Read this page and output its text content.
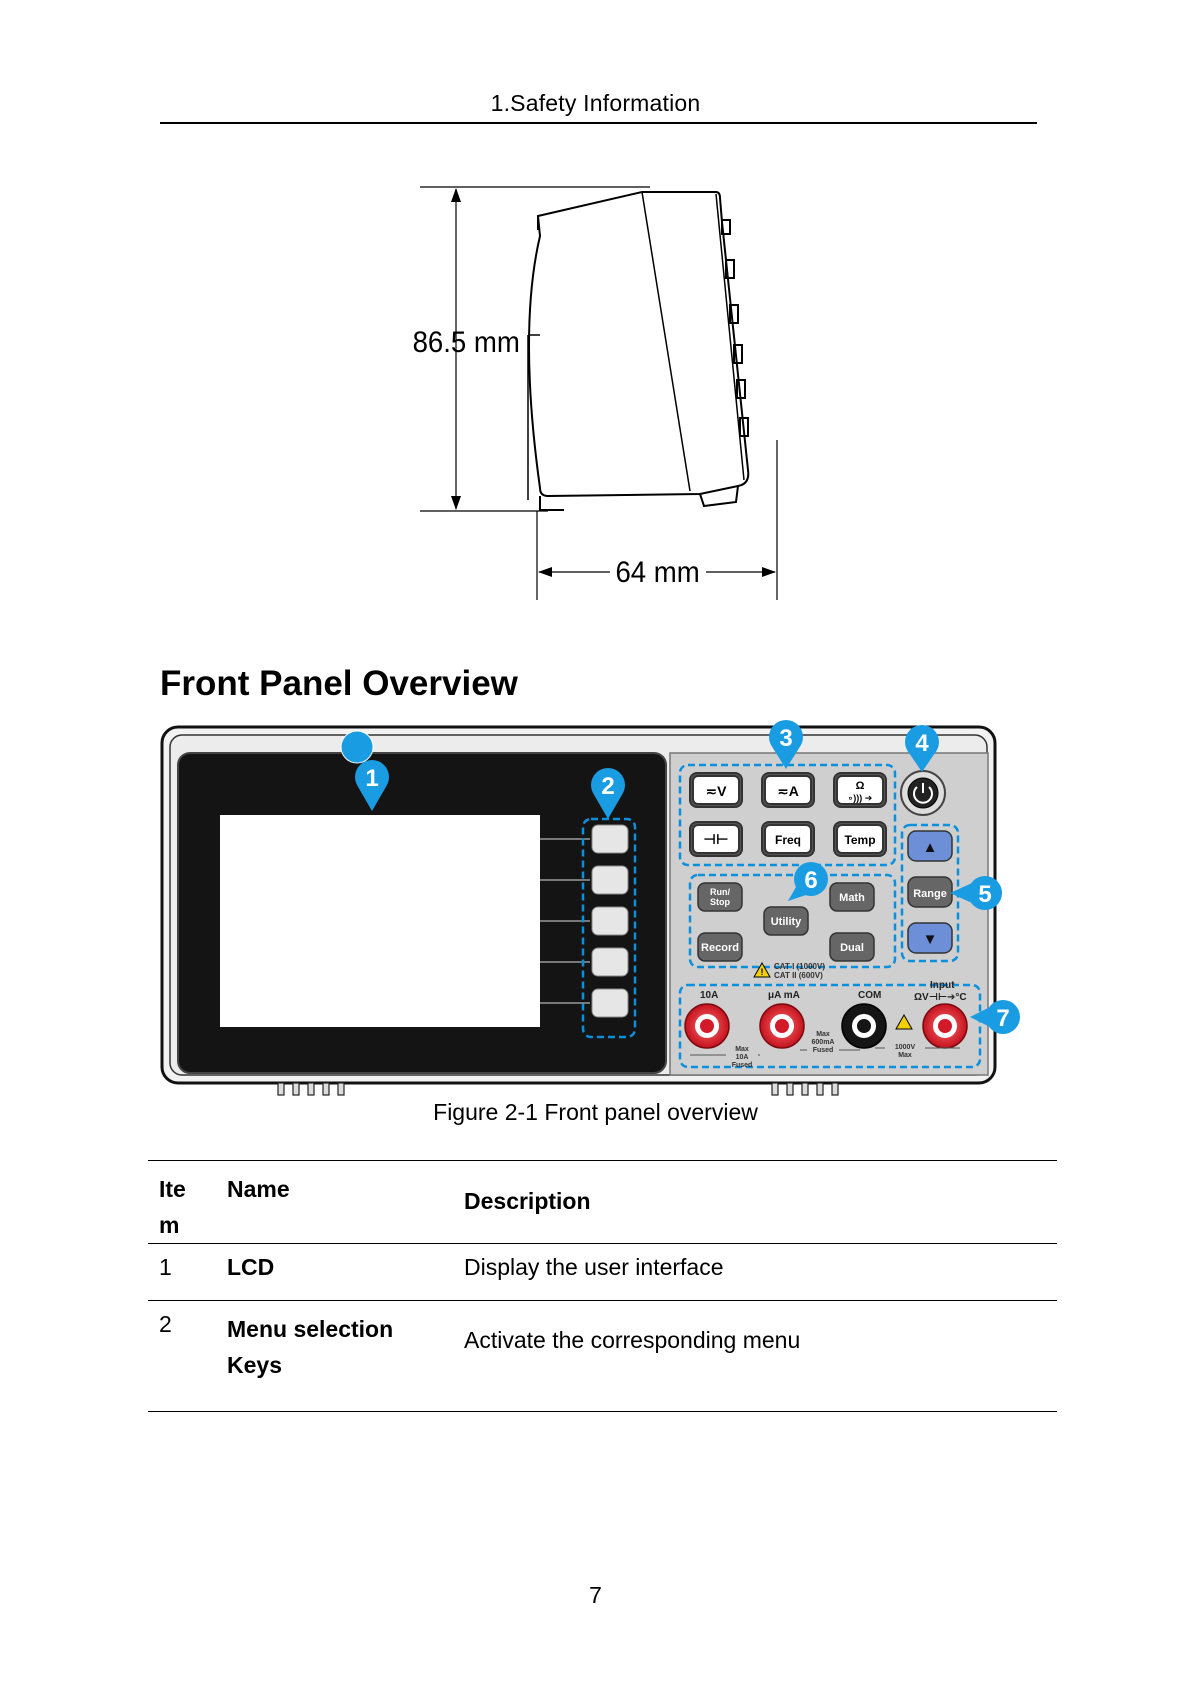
1.Safety Information
86.5 mm
64 mm
Front Panel Overview
≂V	≂A	Ω
∘))) ➔
⊣⊢	Freq	Temp
Run/
Stop	Math
Utility
Record	Dual
!
CAT I (1000V)
CAT II (600V)
▲
Range
▼
10A	μA mA	COM
Input
ΩV⊣⊢➔°C
Max
10A
Fused
Max
600mA
Fused	1000V
Max
1	2
3	4
5
6
7
Figure 2-1 Front panel overview
Ite
m	Name	Description
1	LCD	Display the user interface
2	Menu selection
Keys	Activate the corresponding menu
7
